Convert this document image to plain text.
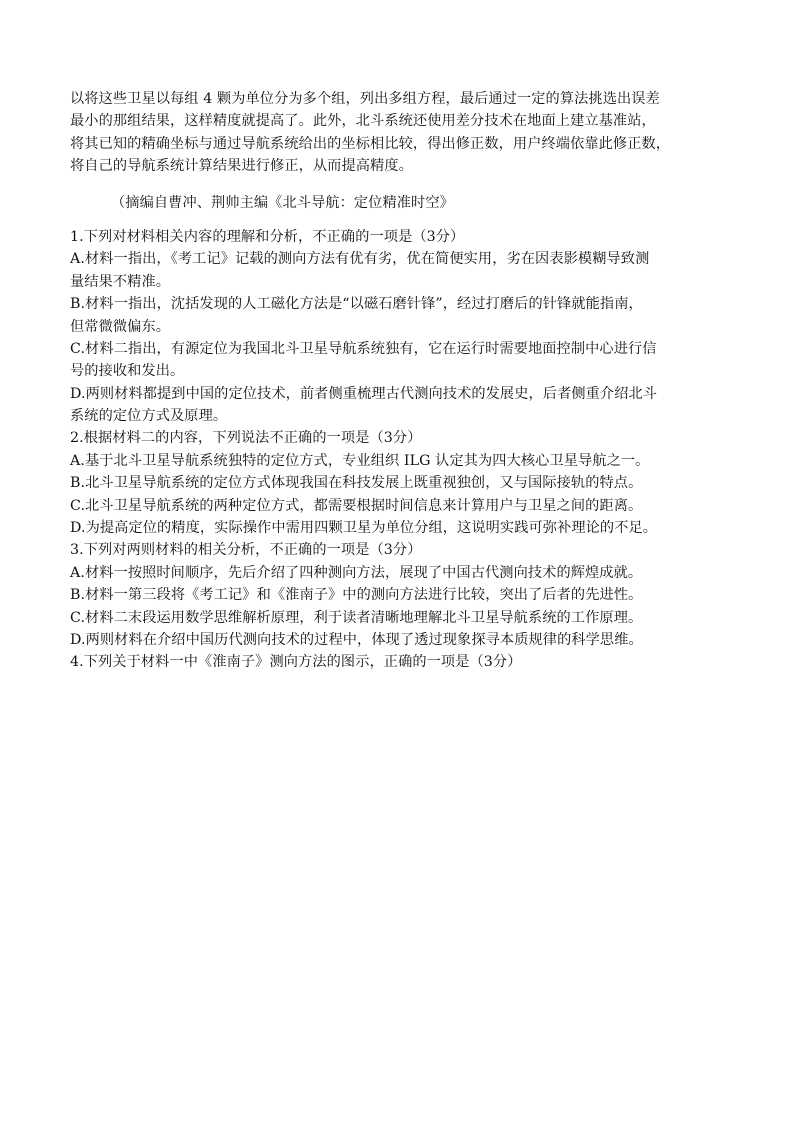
以将这些卫星以每组 4 颗为单位分为多个组，列出多组方程，最后通过一定的算法挑选出误差
最小的那组结果，这样精度就提高了。此外，北斗系统还使用差分技术在地面上建立基准站，
将其已知的精确坐标与通过导航系统给出的坐标相比较，得出修正数，用户终端依靠此修正数，
将自己的导航系统计算结果进行修正，从而提高精度。
（摘编自曹冲、荆帅主编《北斗导航：定位精准时空》
1.下列对材料相关内容的理解和分析，不正确的一项是（3分）
A.材料一指出，《考工记》记载的测向方法有优有劣，优在简便实用，劣在因表影模糊导致测
量结果不精准。
B.材料一指出，沈括发现的人工磁化方法是“以磁石磨针锋”，经过打磨后的针锋就能指南，
但常微微偏东。
C.材料二指出，有源定位为我国北斗卫星导航系统独有，它在运行时需要地面控制中心进行信
号的接收和发出。
D.两则材料都提到中国的定位技术，前者侧重梳理古代测向技术的发展史，后者侧重介绍北斗
系统的定位方式及原理。
2.根据材料二的内容，下列说法不正确的一项是（3分）
A.基于北斗卫星导航系统独特的定位方式，专业组织 ILG 认定其为四大核心卫星导航之一。
B.北斗卫星导航系统的定位方式体现我国在科技发展上既重视独创，又与国际接轨的特点。
C.北斗卫星导航系统的两种定位方式，都需要根据时间信息来计算用户与卫星之间的距离。
D.为提高定位的精度，实际操作中需用四颗卫星为单位分组，这说明实践可弥补理论的不足。
3.下列对两则材料的相关分析，不正确的一项是（3分）
A.材料一按照时间顺序，先后介绍了四种测向方法，展现了中国古代测向技术的辉煌成就。
B.材料一第三段将《考工记》和《淮南子》中的测向方法进行比较，突出了后者的先进性。
C.材料二末段运用数学思维解析原理，利于读者清晰地理解北斗卫星导航系统的工作原理。
D.两则材料在介绍中国历代测向技术的过程中，体现了透过现象探寻本质规律的科学思维。
4.下列关于材料一中《淮南子》测向方法的图示，正确的一项是（3分）
